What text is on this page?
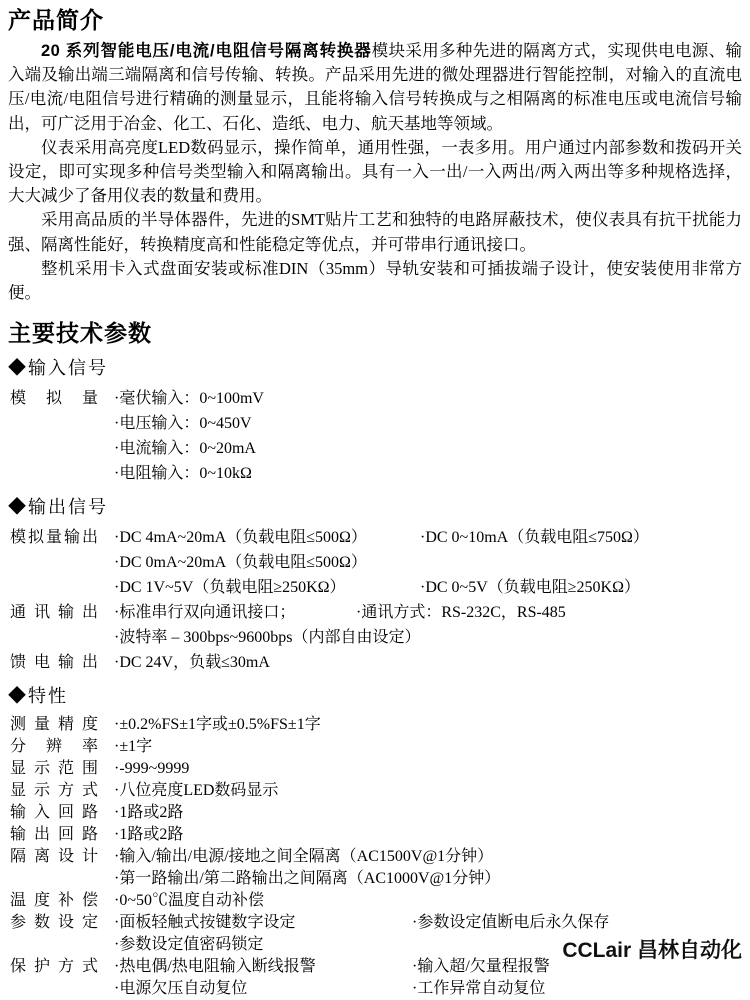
产品简介

20 系列智能电压/电流/电阻信号隔离转换器模块采用多种先进的隔离方式，实现供电电源、输入端及输出端三端隔离和信号传输、转换。产品采用先进的微处理器进行智能控制，对输入的直流电压/电流/电阻信号进行精确的测量显示，且能将输入信号转换成与之相隔离的标准电压或电流信号输出，可广泛用于冶金、化工、石化、造纸、电力、航天基地等领域。

仪表采用高亮度LED数码显示，操作简单，通用性强，一表多用。用户通过内部参数和拨码开关设定，即可实现多种信号类型输入和隔离输出。具有一入一出/一入两出/两入两出等多种规格选择，大大减少了备用仪表的数量和费用。

采用高品质的半导体器件，先进的SMT贴片工艺和独特的电路屏蔽技术，使仪表具有抗干扰能力强、隔离性能好，转换精度高和性能稳定等优点，并可带串行通讯接口。

整机采用卡入式盘面安装或标准DIN（35mm）导轨安装和可插拔端子设计，使安装使用非常方便。

主要技术参数
◆输入信号
模拟量 ·毫伏输入：0~100mV
·电压输入：0~450V
·电流输入：0~20mA
·电阻输入：0~10kΩ
◆输出信号
模拟量输出 ·DC 4mA~20mA（负载电阻≤500Ω）	·DC 0~10mA（负载电阻≤750Ω）
·DC 0mA~20mA（负载电阻≤500Ω）
·DC 1V~5V（负载电阻≥250KΩ）	·DC 0~5V（负载电阻≥250KΩ）
通讯输出 ·标准串行双向通讯接口；	·通讯方式：RS-232C，RS-485
·波特率 – 300bps~9600bps（内部自由设定）
馈电输出 ·DC 24V，负载≤30mA
◆特性
测量精度 ·±0.2%FS±1字或±0.5%FS±1字
分辨率 ·±1字
显示范围 ·-999~9999
显示方式 ·八位亮度LED数码显示
输入回路 ·1路或2路
输出回路 ·1路或2路
隔离设计 ·输入/输出/电源/接地之间全隔离（AC1500V@1分钟）
·第一路输出/第二路输出之间隔离（AC1000V@1分钟）
温度补偿 ·0~50℃温度自动补偿
参数设定 ·面板轻触式按键数字设定	·参数设定值断电后永久保存
·参数设定值密码锁定
保护方式 ·热电偶/热电阻输入断线报警	·输入超/欠量程报警
·电源欠压自动复位	·工作异常自动复位
CCLair 昌林自动化
